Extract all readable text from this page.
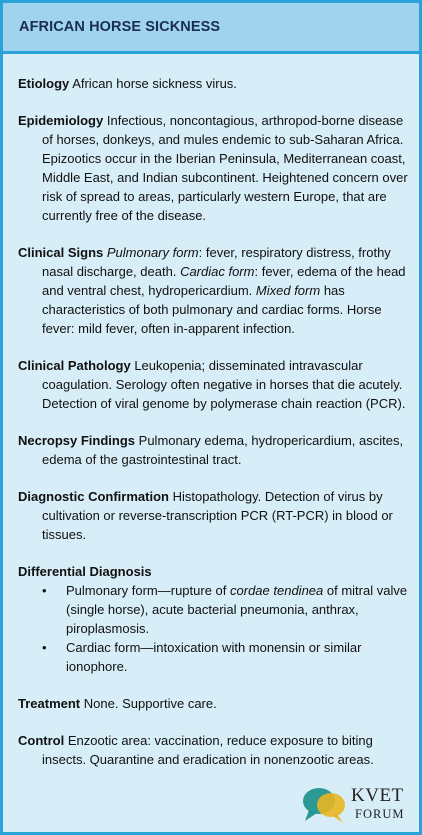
AFRICAN HORSE SICKNESS

Etiology African horse sickness virus.

Epidemiology Infectious, noncontagious, arthropod-borne disease of horses, donkeys, and mules endemic to sub-Saharan Africa. Epizootics occur in the Iberian Peninsula, Mediterranean coast, Middle East, and Indian subcontinent. Heightened concern over risk of spread to areas, particularly western Europe, that are currently free of the disease.

Clinical Signs Pulmonary form: fever, respiratory distress, frothy nasal discharge, death. Cardiac form: fever, edema of the head and ventral chest, hydropericardium. Mixed form has characteristics of both pulmonary and cardiac forms. Horse fever: mild fever, often in-apparent infection.

Clinical Pathology Leukopenia; disseminated intravascular coagulation. Serology often negative in horses that die acutely. Detection of viral genome by polymerase chain reaction (PCR).

Necropsy Findings Pulmonary edema, hydropericardium, ascites, edema of the gastrointestinal tract.

Diagnostic Confirmation Histopathology. Detection of virus by cultivation or reverse-transcription PCR (RT-PCR) in blood or tissues.

Differential Diagnosis

• Pulmonary form—rupture of cordae tendinea of mitral valve (single horse), acute bacterial pneumonia, anthrax, piroplasmosis.
• Cardiac form—intoxication with monensin or similar ionophore.

Treatment None. Supportive care.

Control Enzootic area: vaccination, reduce exposure to biting insects. Quarantine and eradication in nonenzootic areas.

KVET
FORUM
